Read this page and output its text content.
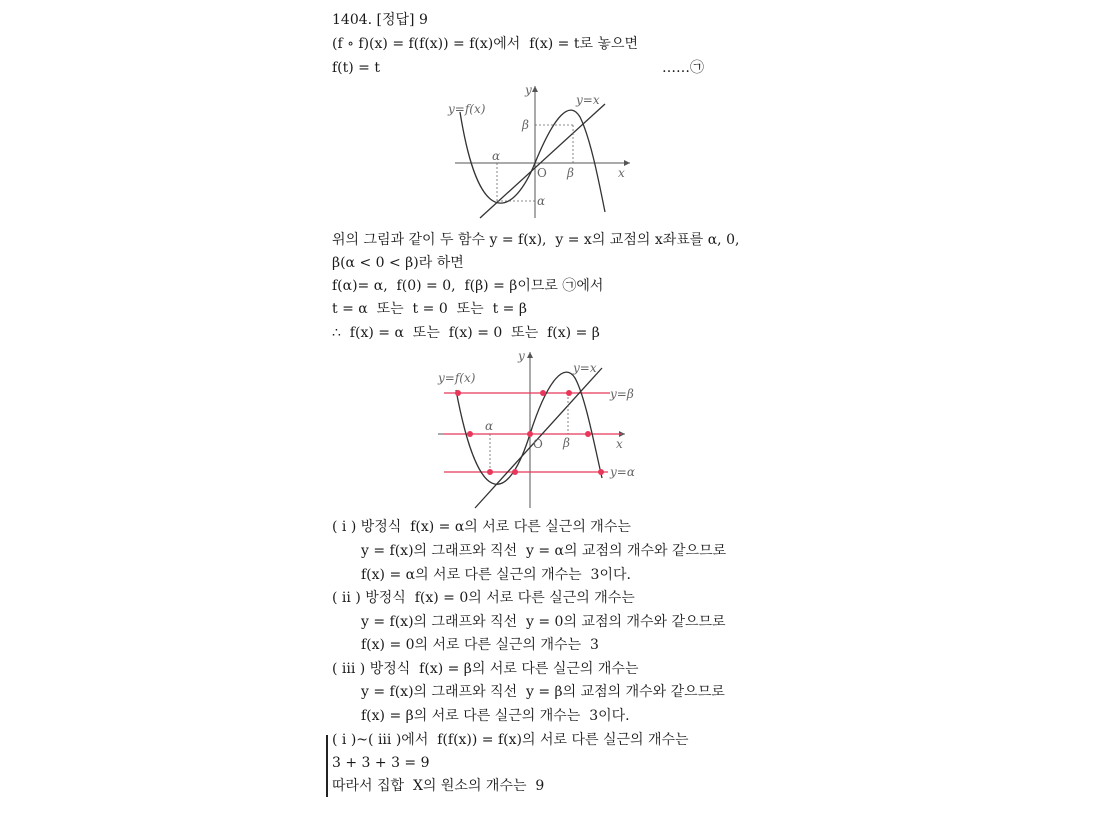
1404. [정답] 9
(f ∘ f)(x) = f(f(x)) = f(x)에서  f(x) = t로 놓으면
f(t) = t	……㉠
y=f(x)
y=x
y
x
O
α
α
β
β
위의 그림과 같이 두 함수 y = f(x),  y = x의 교점의 x좌표를 α, 0,
β(α < 0 < β)라 하면
f(α)= α,  f(0) = 0,  f(β) = β이므로 ㉠에서
t = α  또는  t = 0  또는  t = β
∴  f(x) = α  또는  f(x) = 0  또는  f(x) = β
y=f(x)
y=x
y
x
O
α
β
y=β
y=α
( i ) 방정식  f(x) = α의 서로 다른 실근의 개수는
y = f(x)의 그래프와 직선  y = α의 교점의 개수와 같으므로
f(x) = α의 서로 다른 실근의 개수는  3이다.
( ii ) 방정식  f(x) = 0의 서로 다른 실근의 개수는
y = f(x)의 그래프와 직선  y = 0의 교점의 개수와 같으므로
f(x) = 0의 서로 다른 실근의 개수는  3
( iii ) 방정식  f(x) = β의 서로 다른 실근의 개수는
y = f(x)의 그래프와 직선  y = β의 교점의 개수와 같으므로
f(x) = β의 서로 다른 실근의 개수는  3이다.
( i )~( iii )에서  f(f(x)) = f(x)의 서로 다른 실근의 개수는
3 + 3 + 3 = 9
따라서 집합  X의 원소의 개수는  9
